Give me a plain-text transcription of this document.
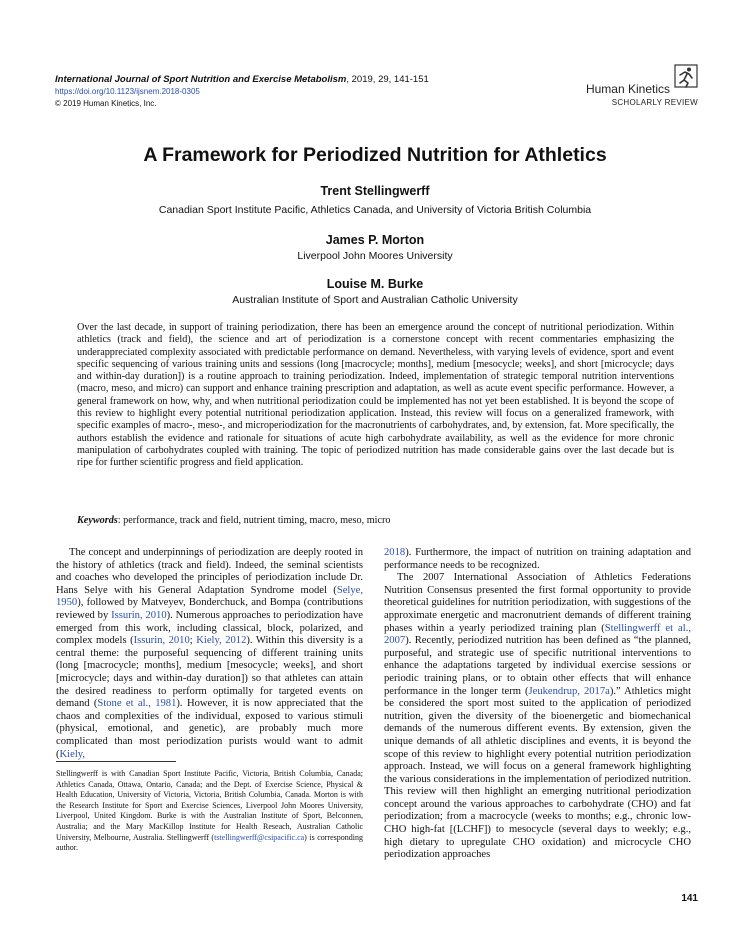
International Journal of Sport Nutrition and Exercise Metabolism, 2019, 29, 141-151
https://doi.org/10.1123/ijsnem.2018-0305
© 2019 Human Kinetics, Inc.
Human Kinetics
SCHOLARLY REVIEW
A Framework for Periodized Nutrition for Athletics
Trent Stellingwerff
Canadian Sport Institute Pacific, Athletics Canada, and University of Victoria British Columbia
James P. Morton
Liverpool John Moores University
Louise M. Burke
Australian Institute of Sport and Australian Catholic University

Over the last decade, in support of training periodization, there has been an emergence around the concept of nutritional periodization. Within athletics (track and field), the science and art of periodization is a cornerstone concept with recent commentaries emphasizing the underappreciated complexity associated with predictable performance on demand. Nevertheless, with varying levels of evidence, sport and event specific sequencing of various training units and sessions (long [macrocycle; months], medium [mesocycle; weeks], and short [microcycle; days and within-day duration]) is a routine approach to training periodization. Indeed, implementation of strategic temporal nutrition interventions (macro, meso, and micro) can support and enhance training prescription and adaptation, as well as acute event specific performance. However, a general framework on how, why, and when nutritional periodization could be implemented has not yet been established. It is beyond the scope of this review to highlight every potential nutritional periodization application. Instead, this review will focus on a generalized framework, with specific examples of macro-, meso-, and microperiodization for the macronutrients of carbohydrates, and, by extension, fat. More specifically, the authors establish the evidence and rationale for situations of acute high carbohydrate availability, as well as the evidence for more chronic manipulation of carbohydrates coupled with training. The topic of periodized nutrition has made considerable gains over the last decade but is ripe for further scientific progress and field application.

Keywords: performance, track and field, nutrient timing, macro, meso, micro

The concept and underpinnings of periodization are deeply rooted in the history of athletics (track and field). Indeed, the seminal scientists and coaches who developed the principles of periodization include Dr. Hans Selye with his General Adaptation Syndrome model (Selye, 1950), followed by Matveyev, Bonderchuck, and Bompa (contributions reviewed by Issurin, 2010). Numerous approaches to periodization have emerged from this work, including classical, block, polarized, and complex models (Issurin, 2010; Kiely, 2012). Within this diversity is a central theme: the purposeful sequencing of different training units (long [macrocycle; months], medium [mesocycle; weeks], and short [microcycle; days and within-day duration]) so that athletes can attain the desired readiness to perform optimally for targeted events on demand (Stone et al., 1981). However, it is now appreciated that the chaos and complexities of the individual, exposed to various stimuli (physical, emotional, and genetic), are probably much more complicated than most periodization purists would want to admit (Kiely,

2018). Furthermore, the impact of nutrition on training adaptation and performance needs to be recognized.

The 2007 International Association of Athletics Federations Nutrition Consensus presented the first formal opportunity to provide theoretical guidelines for nutrition periodization, with suggestions of the approximate energetic and macronutrient demands of different training phases within a yearly periodized training plan (Stellingwerff et al., 2007). Recently, periodized nutrition has been defined as “the planned, purposeful, and strategic use of specific nutritional interventions to enhance the adaptations targeted by individual exercise sessions or periodic training plans, or to obtain other effects that will enhance performance in the longer term (Jeukendrup, 2017a).” Athletics might be considered the sport most suited to the application of periodized nutrition, given the diversity of the bioenergetic and biomechanical demands of the numerous different events. By extension, given the unique demands of all athletic disciplines and events, it is beyond the scope of this review to highlight every potential nutrition periodization approach. Instead, we will focus on a general framework highlighting the various considerations in the implementation of periodized nutrition. This review will then highlight an emerging nutritional periodization concept around the various approaches to carbohydrate (CHO) and fat periodization; from a macrocycle (weeks to months; e.g., chronic low-CHO high-fat [(LCHF]) to mesocycle (several days to weekly; e.g., high dietary to upregulate CHO oxidation) and microcycle CHO periodization approaches

Stellingwerff is with Canadian Sport Institute Pacific, Victoria, British Columbia, Canada; Athletics Canada, Ottawa, Ontario, Canada; and the Dept. of Exercise Science, Physical & Health Education, University of Victoria, Victoria, British Columbia, Canada. Morton is with the Research Institute for Sport and Exercise Sciences, Liverpool John Moores University, Liverpool, United Kingdom. Burke is with the Australian Institute of Sport, Belconnen, Australia; and the Mary MacKillop Institute for Health Reseach, Australian Catholic University, Melbourne, Australia. Stellingwerff (tstellingwerff@csipacific.ca) is corresponding author.

141
